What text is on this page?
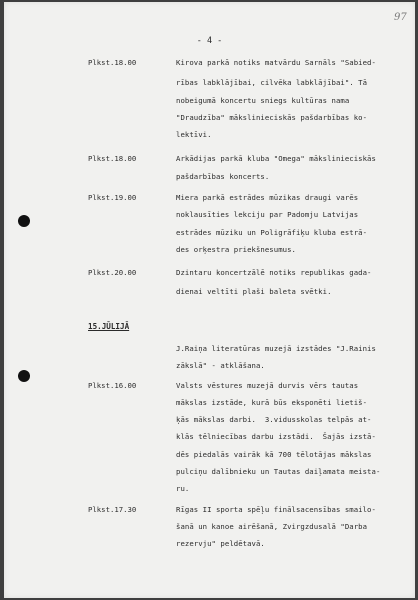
- 4 -
97
Plkst.18.00	Kirova parkā notiks matvārdu Sarnāls "Sabied-
rības labklājībai, cilvēka labklājībai". Tā
nobeigumā koncertu sniegs kultūras nama
"Draudzība" mākslinieciskās pašdarbības ko-
lektīvi.
Plkst.18.00	Arkādijas parkā kluba "Omega" mākslinieciskās
pašdarbības koncerts.
Plkst.19.00	Miera parkā estrādes mūzikas draugi varēs
noklausīties lekciju par Padomju Latvijas
estrādes mūziku un Poligrāfiķu kluba estrā-
des orķestra priekšnesumus.
Plkst.20.00	Dzintaru koncertzālē notiks republikas gada-
dienai veltīti plaši baleta svētki.
15.JŪLIJĀ
J.Raiņa literatūras muzejā izstādes "J.Rainis
zākslā" - atklāšana.
Plkst.16.00	Valsts vēstures muzejā durvis vērs tautas
mākslas izstāde, kurā būs eksponēti lietiš-
ķās mākslas darbi.  3.vidusskolas telpās at-
klās tēlniecības darbu izstādi.  Šajās izstā-
dēs piedalās vairāk kā 700 tēlotājas mākslas
pulciņu dalībnieku un Tautas daiļamata meista-
ru.
Plkst.17.30	Rīgas II sporta spēļu finālsacensības smailo-
šanā un kanoe airēšanā, Zvirgzdusalā "Darba
rezervju" peldētavā.
